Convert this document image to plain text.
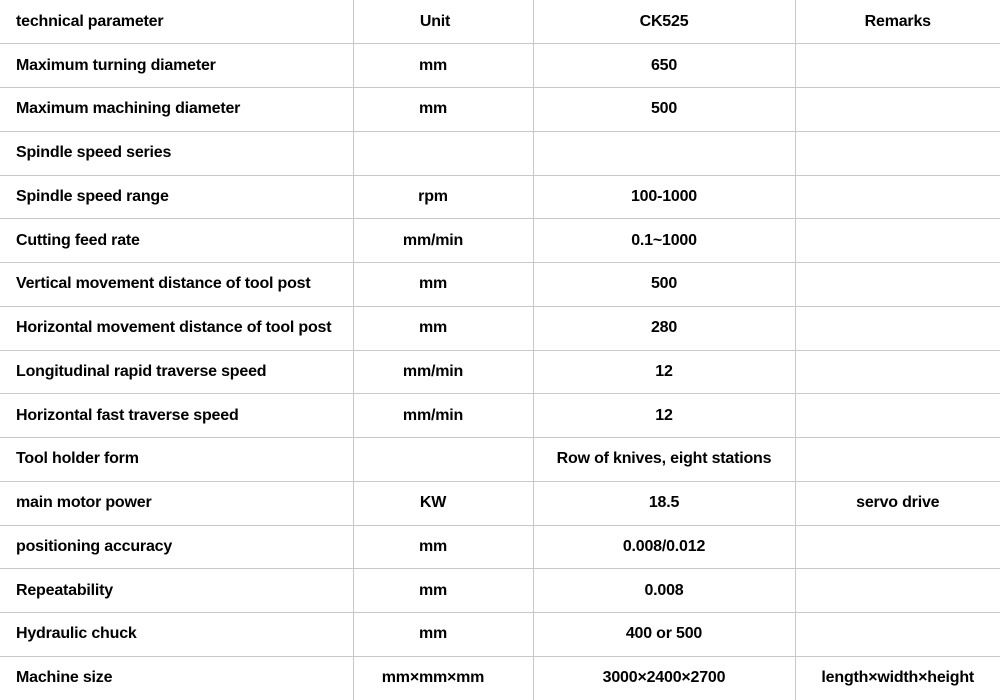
technical parameter	Unit	CK525	Remarks
Maximum turning diameter	mm	650	
Maximum machining diameter	mm	500	
Spindle speed series			
Spindle speed range	rpm	100-1000	
Cutting feed rate	mm/min	0.1~1000	
Vertical movement distance of tool post	mm	500	
Horizontal movement distance of tool post	mm	280	
Longitudinal rapid traverse speed	mm/min	12	
Horizontal fast traverse speed	mm/min	12	
Tool holder form		Row of knives, eight stations	
main motor power	KW	18.5	servo drive
positioning accuracy	mm	0.008/0.012	
Repeatability	mm	0.008	
Hydraulic chuck	mm	400 or 500	
Machine size	mm×mm×mm	3000×2400×2700	length×width×height
